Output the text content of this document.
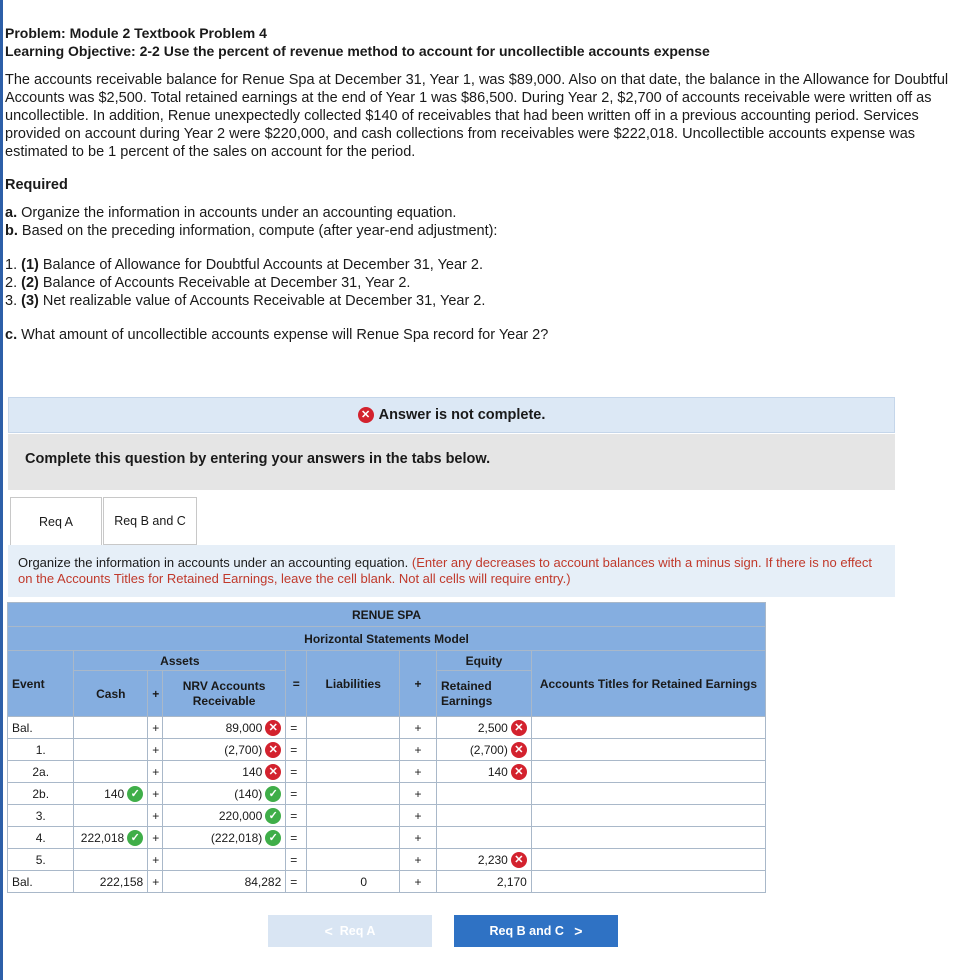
Problem: Module 2 Textbook Problem 4
Learning Objective: 2-2 Use the percent of revenue method to account for uncollectible accounts expense
The accounts receivable balance for Renue Spa at December 31, Year 1, was $89,000. Also on that date, the balance in the Allowance for Doubtful Accounts was $2,500. Total retained earnings at the end of Year 1 was $86,500. During Year 2, $2,700 of accounts receivable were written off as uncollectible. In addition, Renue unexpectedly collected $140 of receivables that had been written off in a previous accounting period. Services provided on account during Year 2 were $220,000, and cash collections from receivables were $222,018. Uncollectible accounts expense was estimated to be 1 percent of the sales on account for the period.
Required
a. Organize the information in accounts under an accounting equation.
b. Based on the preceding information, compute (after year-end adjustment):
1. (1) Balance of Allowance for Doubtful Accounts at December 31, Year 2.
2. (2) Balance of Accounts Receivable at December 31, Year 2.
3. (3) Net realizable value of Accounts Receivable at December 31, Year 2.
c. What amount of uncollectible accounts expense will Renue Spa record for Year 2?
✕ Answer is not complete.
Complete this question by entering your answers in the tabs below.
Req A	Req B and C
Organize the information in accounts under an accounting equation. (Enter any decreases to account balances with a minus sign. If there is no effect on the Accounts Titles for Retained Earnings, leave the cell blank. Not all cells will require entry.)
RENUE SPA								
Horizontal Statements Model								
Event	Assets			=	Liabilities	+	Equity	Accounts Titles for Retained Earnings
	Cash	+	NRV Accounts Receivable				Retained Earnings	
Bal.		+	89,000 ✕	=		+	2,500 ✕	

1.		+	(2,700) ✕	=		+	(2,700) ✕	

2a.		+	140 ✕	=		+	140 ✕	

2b.	140 ✓	+	(140) ✓	=		+	

3.		+	220,000 ✓	=		+	

4.	222,018 ✓	+	(222,018) ✓	=		+	

5.		+		=		+	2,230 ✕	

Bal.	222,158	+	84,282	=	0	+	2,170	

<
Req A	Req B and C
>
